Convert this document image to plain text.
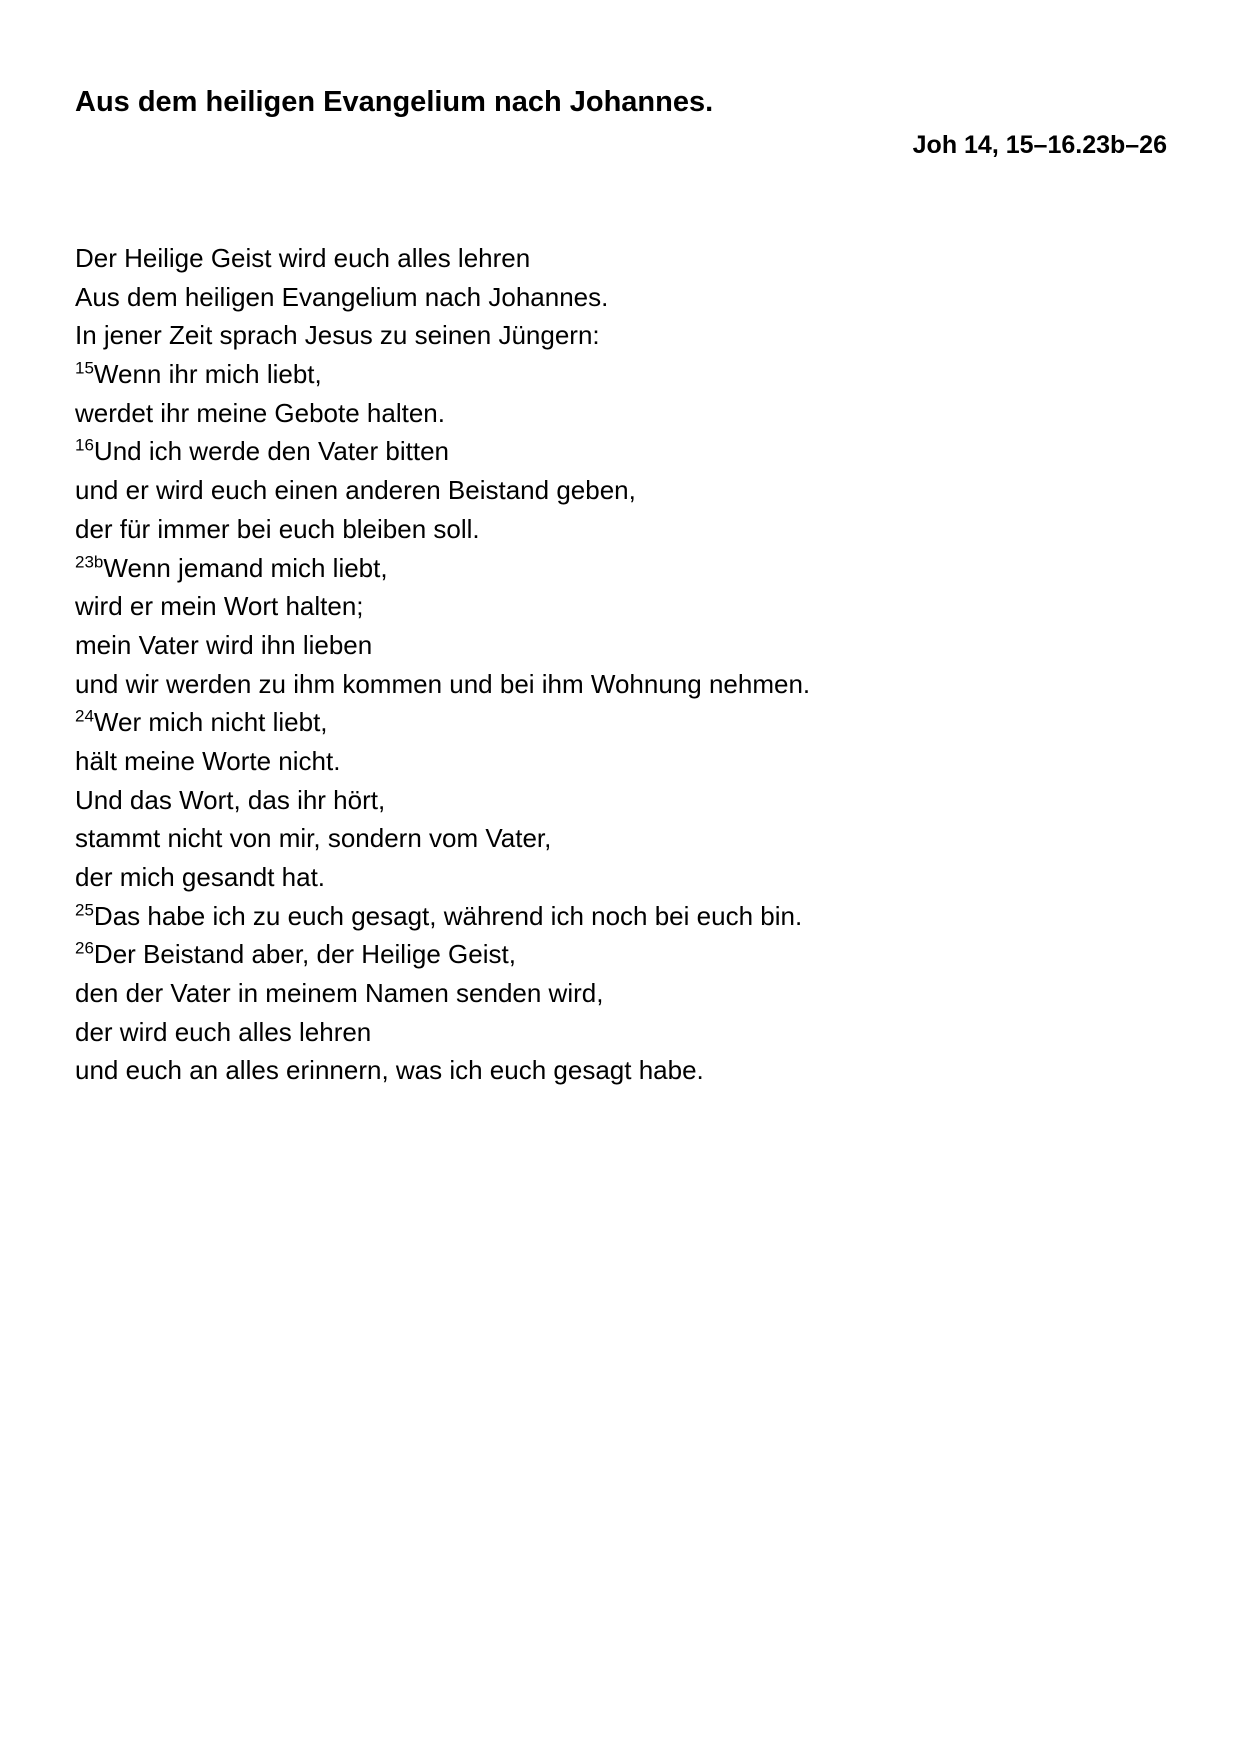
Aus dem heiligen Evangelium nach Johannes.
Joh 14, 15–16.23b–26
Der Heilige Geist wird euch alles lehren
Aus dem heiligen Evangelium nach Johannes.
In jener Zeit sprach Jesus zu seinen Jüngern:
$^{15}$Wenn ihr mich liebt,
werdet ihr meine Gebote halten.
$^{16}$Und ich werde den Vater bitten
und er wird euch einen anderen Beistand geben,
der für immer bei euch bleiben soll.
$^{23b}$Wenn jemand mich liebt,
wird er mein Wort halten;
mein Vater wird ihn lieben
und wir werden zu ihm kommen und bei ihm Wohnung nehmen.
$^{24}$Wer mich nicht liebt,
hält meine Worte nicht.
Und das Wort, das ihr hört,
stammt nicht von mir, sondern vom Vater,
der mich gesandt hat.
$^{25}$Das habe ich zu euch gesagt, während ich noch bei euch bin.
$^{26}$Der Beistand aber, der Heilige Geist,
den der Vater in meinem Namen senden wird,
der wird euch alles lehren
und euch an alles erinnern, was ich euch gesagt habe.
